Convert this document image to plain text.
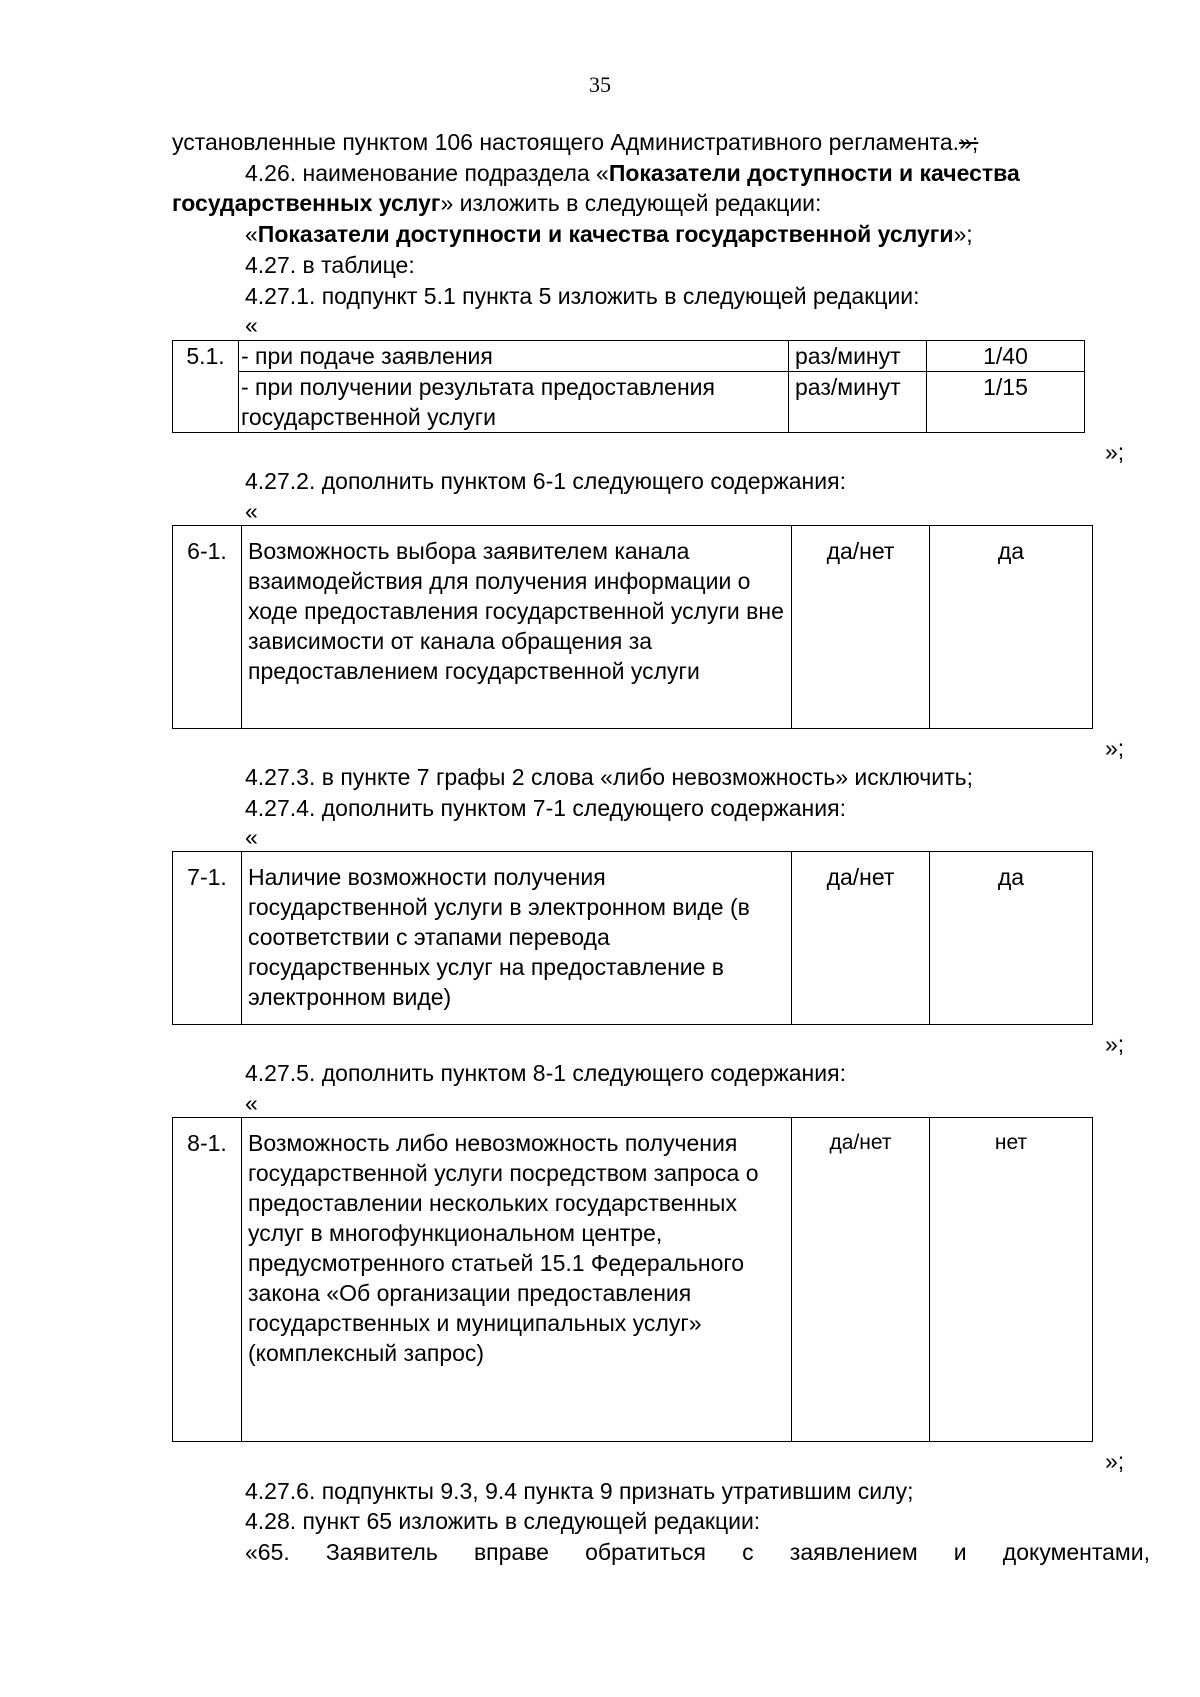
35
установленные пунктом 106 настоящего Административного регламента.»;
4.26. наименование подраздела «Показатели доступности и качества
государственных услуг» изложить в следующей редакции:
«Показатели доступности и качества государственной услуги»;
4.27. в таблице:
4.27.1. подпункт 5.1 пункта 5 изложить в следующей редакции:
«
5.1.	- при подаче заявления	раз/минут	1/40
	- при получении результата предоставления государственной услуги	раз/минут	1/15
»;
4.27.2. дополнить пунктом 6-1 следующего содержания:
«
6-1.	Возможность выбора заявителем канала взаимодействия для получения информации о ходе предоставления государственной услуги вне зависимости от канала обращения за предоставлением государственной услуги	да/нет	да
»;
4.27.3. в пункте 7 графы 2 слова «либо невозможность» исключить;
4.27.4. дополнить пунктом 7-1 следующего содержания:
«
7-1.	Наличие возможности получения государственной услуги в электронном виде (в соответствии с этапами перевода государственных услуг на предоставление в электронном виде)	да/нет	да
»;
4.27.5. дополнить пунктом 8-1 следующего содержания:
«
8-1.	Возможность либо невозможность получения государственной услуги посредством запроса о предоставлении нескольких государственных услуг в многофункциональном центре, предусмотренного статьей 15.1 Федерального закона «Об организации предоставления государственных и муниципальных услуг» (комплексный запрос)	да/нет	нет
»;
4.27.6. подпункты 9.3, 9.4 пункта 9 признать утратившим силу;
4.28. пункт 65 изложить в следующей редакции:
«65. Заявитель вправе обратиться с заявлением и документами,
